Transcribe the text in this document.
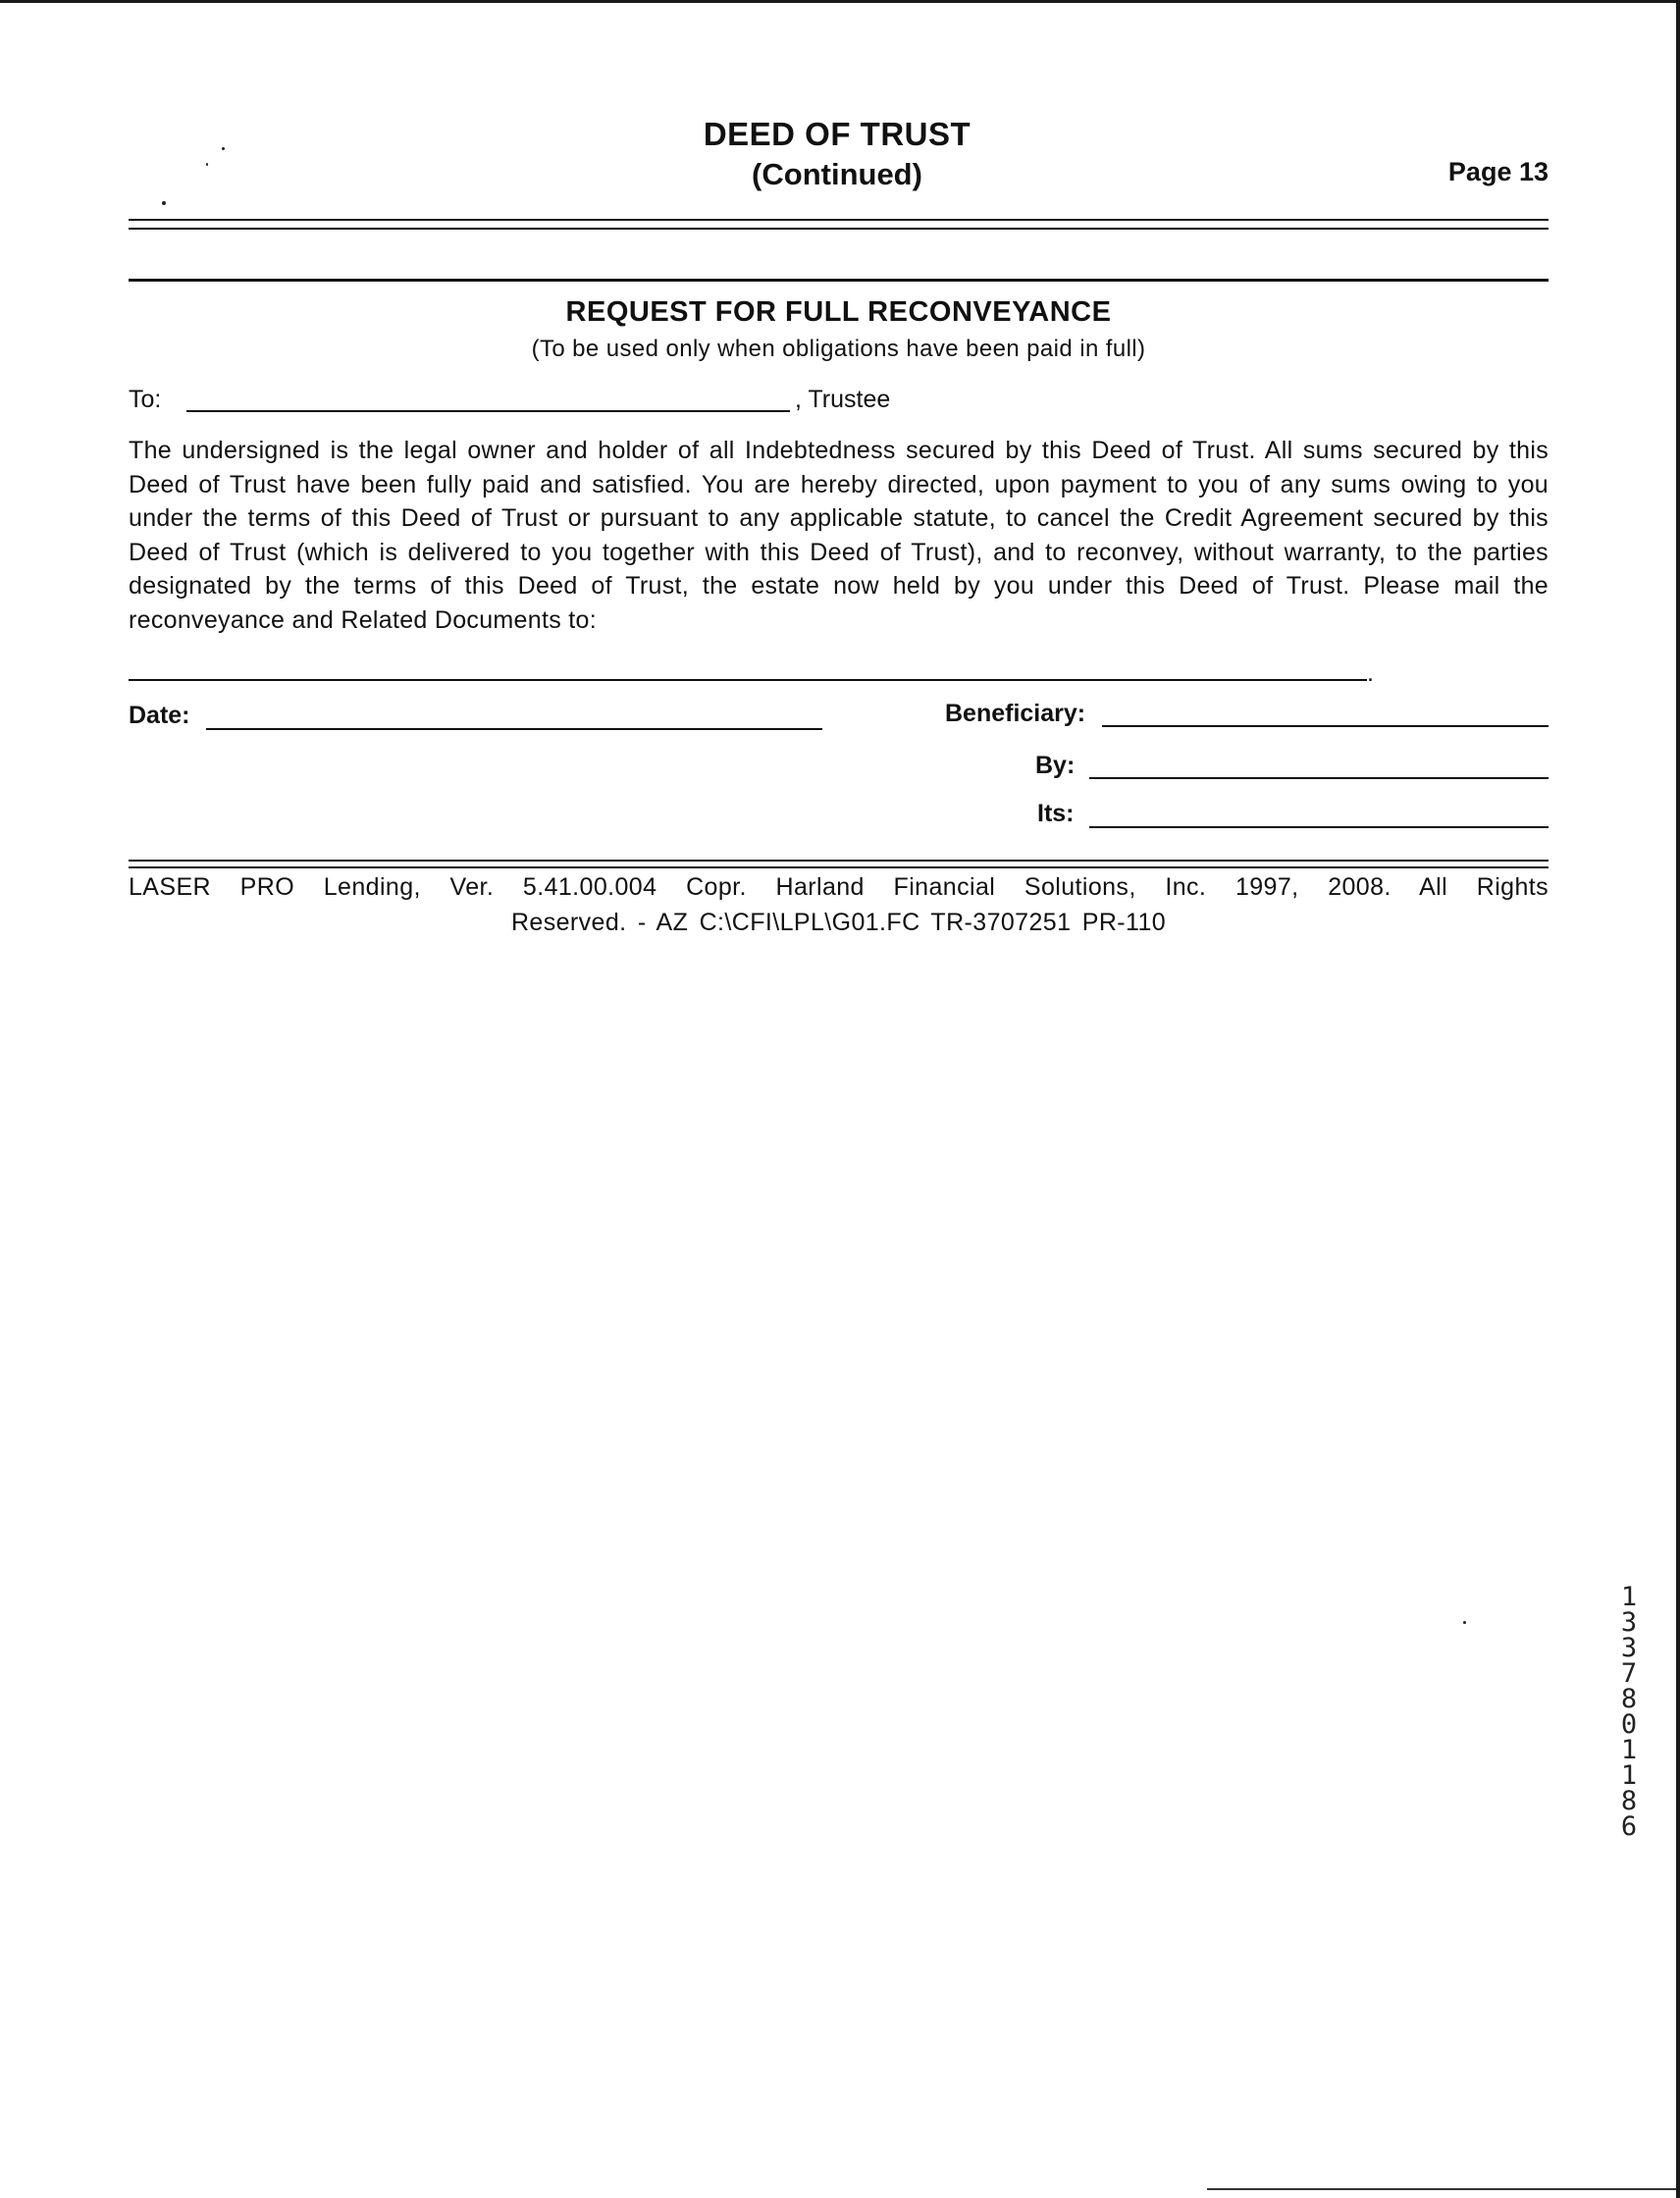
DEED OF TRUST
(Continued)	Page 13
REQUEST FOR FULL RECONVEYANCE
(To be used only when obligations have been paid in full)
To:	, Trustee

The undersigned is the legal owner and holder of all Indebtedness secured by this Deed of Trust. All sums secured by this Deed of Trust have been fully paid and satisfied. You are hereby directed, upon payment to you of any sums owing to you under the terms of this Deed of Trust or pursuant to any applicable statute, to cancel the Credit Agreement secured by this Deed of Trust (which is delivered to you together with this Deed of Trust), and to reconvey, without warranty, to the parties designated by the terms of this Deed of Trust, the estate now held by you under this Deed of Trust. Please mail the reconveyance and Related Documents to:

.
Date:	Beneficiary:
By:
Its:
LASER PRO Lending, Ver. 5.41.00.004 Copr. Harland Financial Solutions, Inc. 1997, 2008. All Rights
Reserved. - AZ C:\CFI\LPL\G01.FC TR-3707251 PR-110
13378 01186
